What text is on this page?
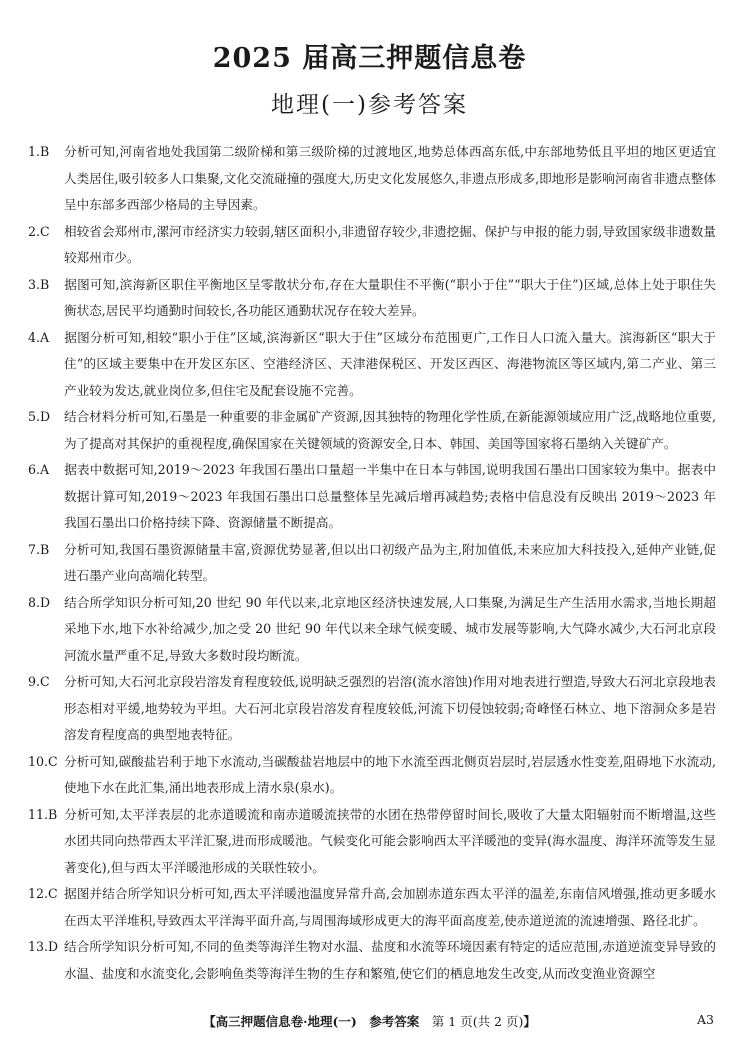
2025 届高三押题信息卷
地理(一)参考答案

1.B 分析可知,河南省地处我国第二级阶梯和第三级阶梯的过渡地区,地势总体西高东低,中东部地势低且平坦的地区更适宜人类居住,吸引较多人口集聚,文化交流碰撞的强度大,历史文化发展悠久,非遗点形成多,即地形是影响河南省非遗点整体呈中东部多西部少格局的主导因素。

2.C 相较省会郑州市,漯河市经济实力较弱,辖区面积小,非遗留存较少,非遗挖掘、保护与申报的能力弱,导致国家级非遗数量较郑州市少。

3.B 据图可知,滨海新区职住平衡地区呈零散状分布,存在大量职住不平衡(“职小于住”“职大于住”)区域,总体上处于职住失衡状态,居民平均通勤时间较长,各功能区通勤状况存在较大差异。

4.A 据图分析可知,相较“职小于住”区域,滨海新区“职大于住”区域分布范围更广,工作日人口流入量大。滨海新区“职大于住”的区域主要集中在开发区东区、空港经济区、天津港保税区、开发区西区、海港物流区等区域内,第二产业、第三产业较为发达,就业岗位多,但住宅及配套设施不完善。

5.D 结合材料分析可知,石墨是一种重要的非金属矿产资源,因其独特的物理化学性质,在新能源领域应用广泛,战略地位重要,为了提高对其保护的重视程度,确保国家在关键领域的资源安全,日本、韩国、美国等国家将石墨纳入关键矿产。

6.A 据表中数据可知,2019～2023 年我国石墨出口量超一半集中在日本与韩国,说明我国石墨出口国家较为集中。据表中数据计算可知,2019～2023 年我国石墨出口总量整体呈先减后增再减趋势;表格中信息没有反映出 2019～2023 年我国石墨出口价格持续下降、资源储量不断提高。

7.B 分析可知,我国石墨资源储量丰富,资源优势显著,但以出口初级产品为主,附加值低,未来应加大科技投入,延伸产业链,促进石墨产业向高端化转型。

8.D 结合所学知识分析可知,20 世纪 90 年代以来,北京地区经济快速发展,人口集聚,为满足生产生活用水需求,当地长期超采地下水,地下水补给减少,加之受 20 世纪 90 年代以来全球气候变暖、城市发展等影响,大气降水减少,大石河北京段河流水量严重不足,导致大多数时段均断流。

9.C 分析可知,大石河北京段岩溶发育程度较低,说明缺乏强烈的岩溶(流水溶蚀)作用对地表进行塑造,导致大石河北京段地表形态相对平缓,地势较为平坦。大石河北京段岩溶发育程度较低,河流下切侵蚀较弱;奇峰怪石林立、地下溶洞众多是岩溶发育程度高的典型地表特征。

10.C 分析可知,碳酸盐岩利于地下水流动,当碳酸盐岩地层中的地下水流至西北侧页岩层时,岩层透水性变差,阻碍地下水流动,使地下水在此汇集,涌出地表形成上清水泉(泉水)。

11.B 分析可知,太平洋表层的北赤道暖流和南赤道暖流挟带的水团在热带停留时间长,吸收了大量太阳辐射而不断增温,这些水团共同向热带西太平洋汇聚,进而形成暖池。气候变化可能会影响西太平洋暖池的变异(海水温度、海洋环流等发生显著变化),但与西太平洋暖池形成的关联性较小。

12.C 据图并结合所学知识分析可知,西太平洋暖池温度异常升高,会加剧赤道东西太平洋的温差,东南信风增强,推动更多暖水在西太平洋堆积,导致西太平洋海平面升高,与周围海域形成更大的海平面高度差,使赤道逆流的流速增强、路径北扩。

13.D 结合所学知识分析可知,不同的鱼类等海洋生物对水温、盐度和水流等环境因素有特定的适应范围,赤道逆流变异导致的水温、盐度和水流变化,会影响鱼类等海洋生物的生存和繁殖,使它们的栖息地发生改变,从而改变渔业资源空

【高三押题信息卷·地理(一)　参考答案　第 1 页(共 2 页)】	A3
